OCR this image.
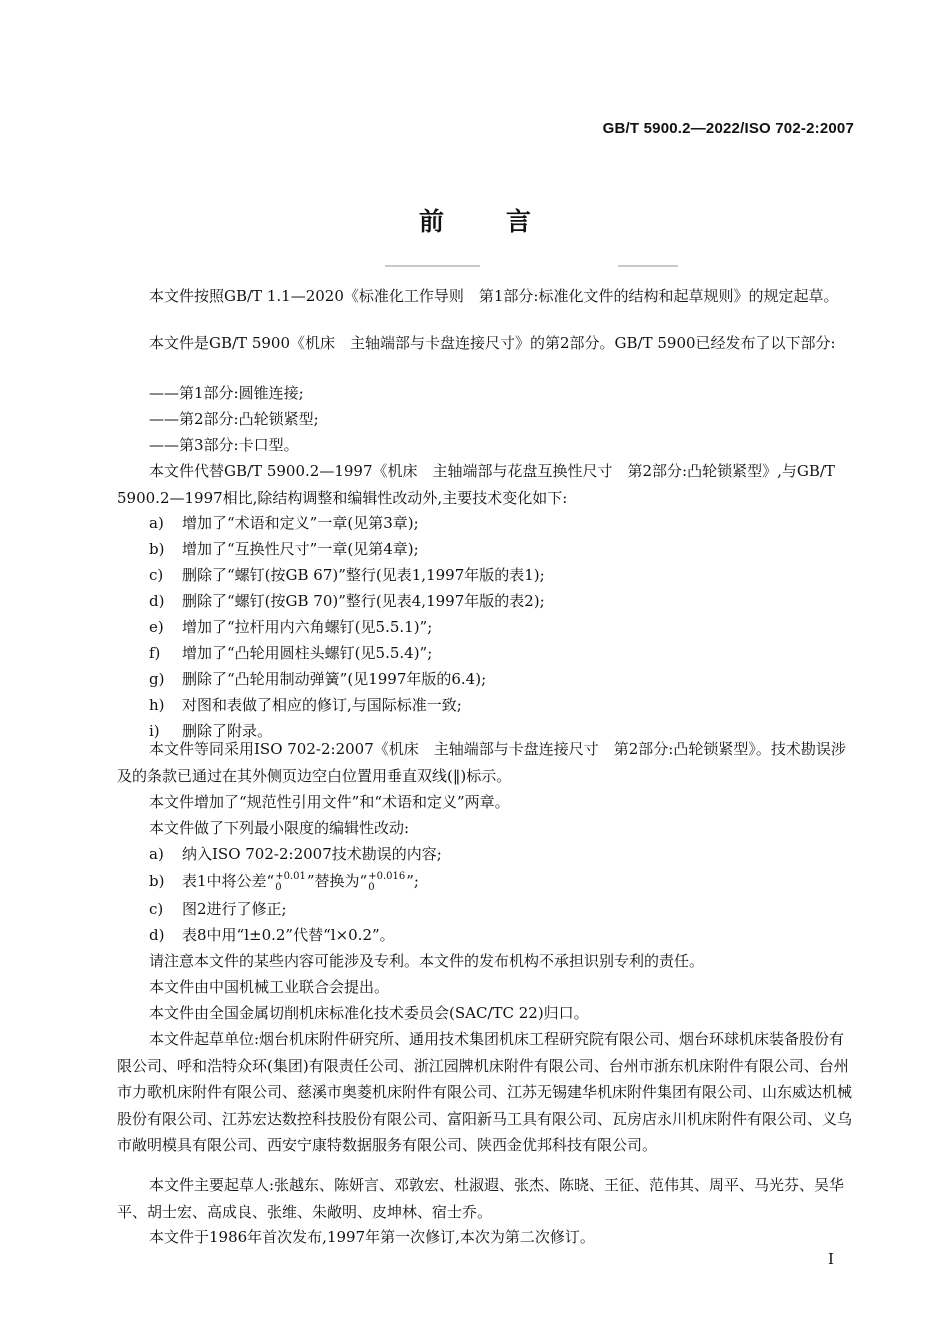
GB/T 5900.2—2022/ISO 702-2:2007
前言

本文件按照GB/T 1.1—2020《标准化工作导则　第1部分:标准化文件的结构和起草规则》的规定起草。

本文件是GB/T 5900《机床　主轴端部与卡盘连接尺寸》的第2部分。GB/T 5900已经发布了以下部分:

——第1部分:圆锥连接;
——第2部分:凸轮锁紧型;
——第3部分:卡口型。

本文件代替GB/T 5900.2—1997《机床　主轴端部与花盘互换性尺寸　第2部分:凸轮锁紧型》,与GB/T 5900.2—1997相比,除结构调整和编辑性改动外,主要技术变化如下:

a) 增加了“术语和定义”一章(见第3章);
b) 增加了“互换性尺寸”一章(见第4章);
c) 删除了“螺钉(按GB 67)”整行(见表1,1997年版的表1);
d) 删除了“螺钉(按GB 70)”整行(见表4,1997年版的表2);
e) 增加了“拉杆用内六角螺钉(见5.5.1)”;
f) 增加了“凸轮用圆柱头螺钉(见5.5.4)”;
g) 删除了“凸轮用制动弹簧”(见1997年版的6.4);
h) 对图和表做了相应的修订,与国际标准一致;
i) 删除了附录。

本文件等同采用ISO 702-2:2007《机床　主轴端部与卡盘连接尺寸　第2部分:凸轮锁紧型》。技术勘误涉及的条款已通过在其外侧页边空白位置用垂直双线(‖)标示。

本文件增加了“规范性引用文件”和“术语和定义”两章。

本文件做了下列最小限度的编辑性改动:

a) 纳入ISO 702-2:2007技术勘误的内容;
b) 表1中将公差“ +0.01
0	”替换为“ +0.016
0	”;
c) 图2进行了修正;
d) 表8中用“l±0.2”代替“l×0.2”。

请注意本文件的某些内容可能涉及专利。本文件的发布机构不承担识别专利的责任。

本文件由中国机械工业联合会提出。

本文件由全国金属切削机床标准化技术委员会(SAC/TC 22)归口。

本文件起草单位:烟台机床附件研究所、通用技术集团机床工程研究院有限公司、烟台环球机床装备股份有限公司、呼和浩特众环(集团)有限责任公司、浙江园牌机床附件有限公司、台州市浙东机床附件有限公司、台州市力歌机床附件有限公司、慈溪市奥菱机床附件有限公司、江苏无锡建华机床附件集团有限公司、山东威达机械股份有限公司、江苏宏达数控科技股份有限公司、富阳新马工具有限公司、瓦房店永川机床附件有限公司、义乌市敞明模具有限公司、西安宁康特数据服务有限公司、陕西金优邦科技有限公司。

本文件主要起草人:张越东、陈妍言、邓敦宏、杜淑遐、张杰、陈晓、王征、范伟其、周平、马光芬、吴华平、胡士宏、高成良、张维、朱敞明、皮坤林、宿士乔。

本文件于1986年首次发布,1997年第一次修订,本次为第二次修订。

I
